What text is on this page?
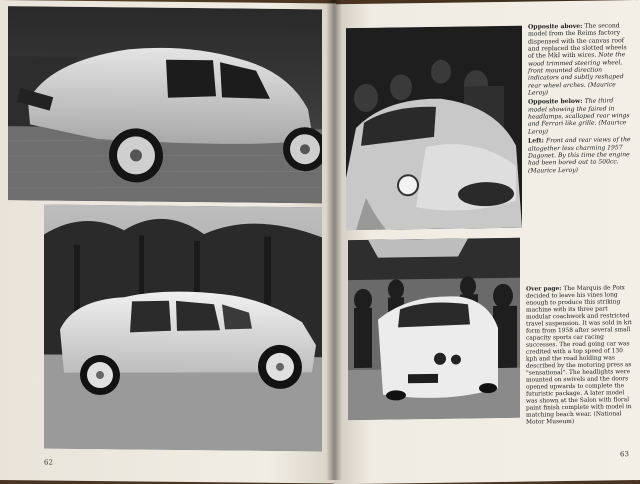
62

Opposite above: The second model from the Reims factory dispensed with the canvas roof and replaced the slotted wheels of the MkI with wires. Note the wood trimmed steering wheel, front mounted direction indicators and subtly reshaped rear wheel arches. (Maurice Leroy)

Opposite below: The third model showing the faired in headlamps, scalloped rear wings and Ferrari like grille. (Maurice Leroy)

Left: Front and rear views of the altogether less charming 1957 Dagonet. By this time the engine had been bored out to 500cc. (Maurice Leroy)

Over page: The Marquis de Poix decided to leave his vines long enough to produce this striking machine with its three part modular coachwork and restricted travel suspension. It was sold in kit form from 1958 after several small capacity sports car racing successes. The road going car was credited with a top speed of 130 kph and the road holding was described by the motoring press as "sensational". The headlights were mounted on swivels and the doors opened upwards to complete the futuristic package. A later model was shown at the Salon with floral paint finish complete with model in matching beach wear. (National Motor Museum)

63
